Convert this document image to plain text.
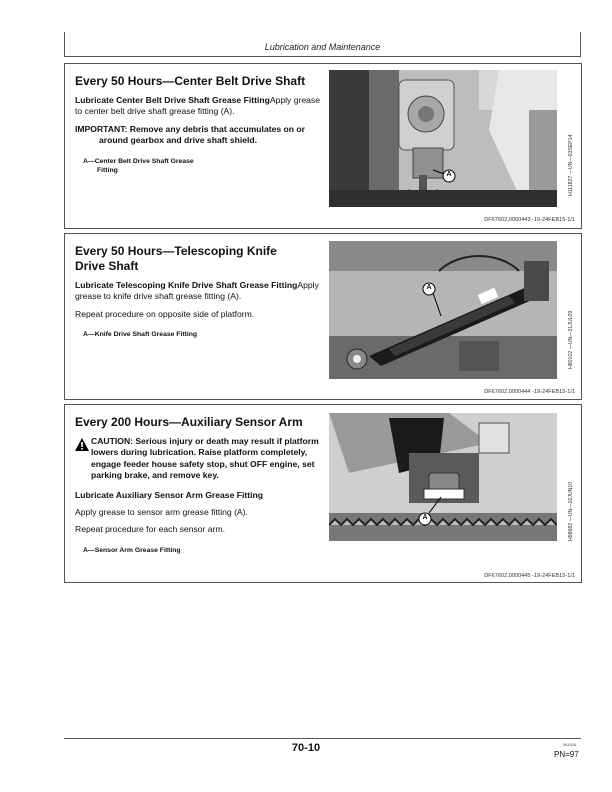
Lubrication and Maintenance
Every 50 Hours—Center Belt Drive Shaft

Lubricate Center Belt Drive Shaft Grease FittingApply grease to center belt drive shaft grease fitting (A).

IMPORTANT: Remove any debris that accumulates on or around gearbox and drive shaft shield.

A—Center Belt Drive Shaft Grease Fitting
A	H111827 —UN—03SEP14
DF67602,0000443 -19-24FEB15-1/1
Every 50 Hours—Telescoping Knife Drive Shaft

Lubricate Telescoping Knife Drive Shaft Grease FittingApply grease to knife drive shaft grease fitting (A).

Repeat procedure on opposite side of platform.

A—Knife Drive Shaft Grease Fitting
A
H80102 —UN—31JUL09
DF67602,0000444 -19-24FEB15-1/1
Every 200 Hours—Auxiliary Sensor Arm
CAUTION: Serious injury or death may result if platform lowers during lubrication. Raise platform completely, engage feeder house safety stop, shut OFF engine, set parking brake, and remove key.

Lubricate Auxiliary Sensor Arm Grease Fitting

Apply grease to sensor arm grease fitting (A).

Repeat procedure for each sensor arm.

A—Sensor Arm Grease Fitting
A	H98682 —UN—10JUN10
DF67602,0000445 -19-24FEB15-1/1
70-10	081516
PN=97
